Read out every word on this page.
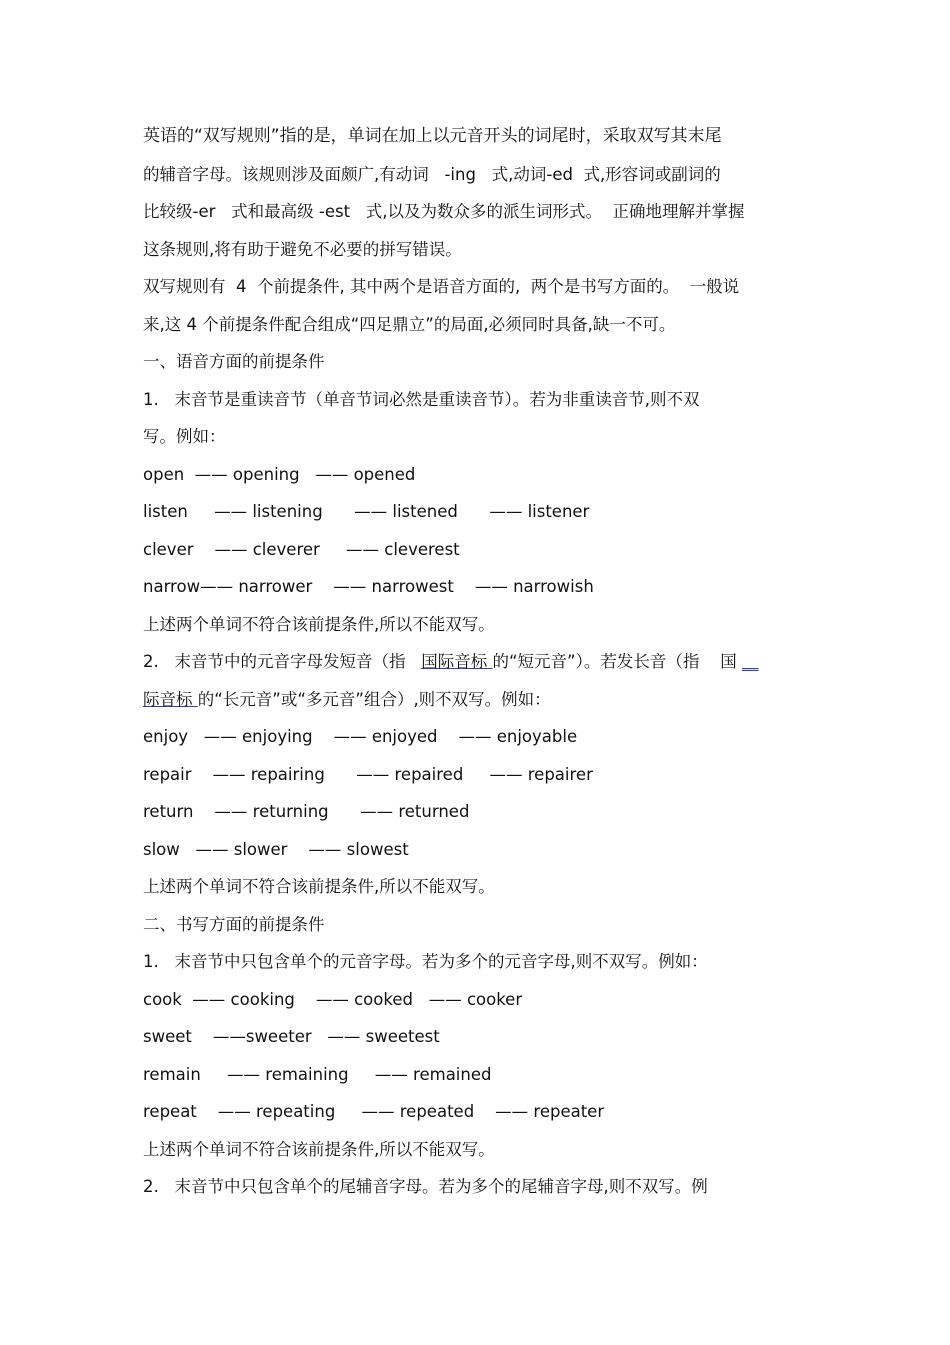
英语的“双写规则”指的是，单词在加上以元音开头的词尾时，采取双写其末尾
的辅音字母。该规则涉及面颇广,有动词   -ing   式,动词-ed  式,形容词或副词的
比较级-er   式和最高级 -est   式,以及为数众多的派生词形式。  正确地理解并掌握
这条规则,将有助于避免不必要的拼写错误。
双写规则有  4  个前提条件, 其中两个是语音方面的,  两个是书写方面的。  一般说
来,这 4 个前提条件配合组成“四足鼎立”的局面,必须同时具备,缺一不可。
一、语音方面的前提条件
1.   末音节是重读音节（单音节词必然是重读音节）。若为非重读音节,则不双
写。例如：
open  —— opening   —— opened
listen     —— listening      —— listened      —— listener
clever    —— cleverer     —— cleverest
narrow—— narrower    —— narrowest    —— narrowish
上述两个单词不符合该前提条件,所以不能双写。
2.   末音节中的元音字母发短音（指   国际音标 的“短元音”）。若发长音（指    国 __
际音标 的“长元音”或“多元音”组合）,则不双写。例如：
enjoy   —— enjoying    —— enjoyed    —— enjoyable
repair    —— repairing      —— repaired     —— repairer
return    —— returning      —— returned
slow   —— slower    —— slowest
上述两个单词不符合该前提条件,所以不能双写。
二、书写方面的前提条件
1.   末音节中只包含单个的元音字母。若为多个的元音字母,则不双写。例如：
cook  —— cooking    —— cooked   —— cooker
sweet    ——sweeter   —— sweetest
remain     —— remaining     —— remained
repeat    —— repeating     —— repeated    —— repeater
上述两个单词不符合该前提条件,所以不能双写。
2.   末音节中只包含单个的尾辅音字母。若为多个的尾辅音字母,则不双写。例
